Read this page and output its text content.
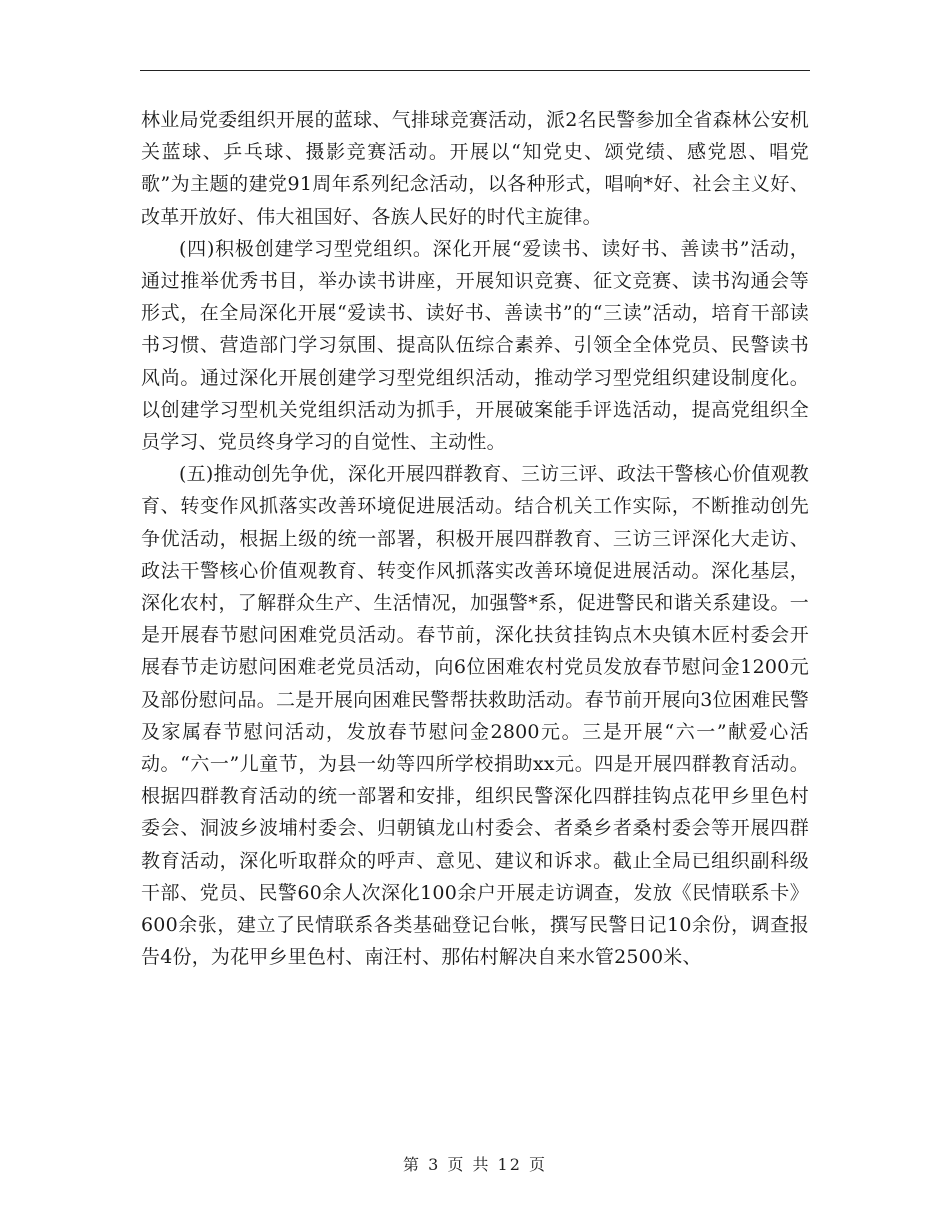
林业局党委组织开展的蓝球、气排球竞赛活动，派2名民警参加全省森林公安机关蓝球、乒乓球、摄影竞赛活动。开展以“知党史、颂党绩、感党恩、唱党歌”为主题的建党91周年系列纪念活动，以各种形式，唱响*好、社会主义好、改革开放好、伟大祖国好、各族人民好的时代主旋律。

(四)积极创建学习型党组织。深化开展“爱读书、读好书、善读书”活动，通过推举优秀书目，举办读书讲座，开展知识竞赛、征文竞赛、读书沟通会等形式，在全局深化开展“爱读书、读好书、善读书”的“三读”活动，培育干部读书习惯、营造部门学习氛围、提高队伍综合素养、引领全全体党员、民警读书风尚。通过深化开展创建学习型党组织活动，推动学习型党组织建设制度化。以创建学习型机关党组织活动为抓手，开展破案能手评选活动，提高党组织全员学习、党员终身学习的自觉性、主动性。

(五)推动创先争优，深化开展四群教育、三访三评、政法干警核心价值观教育、转变作风抓落实改善环境促进展活动。结合机关工作实际，不断推动创先争优活动，根据上级的统一部署，积极开展四群教育、三访三评深化大走访、政法干警核心价值观教育、转变作风抓落实改善环境促进展活动。深化基层，深化农村，了解群众生产、生活情况，加强警*系，促进警民和谐关系建设。一是开展春节慰问困难党员活动。春节前，深化扶贫挂钩点木央镇木匠村委会开展春节走访慰问困难老党员活动，向6位困难农村党员发放春节慰问金1200元及部份慰问品。二是开展向困难民警帮扶救助活动。春节前开展向3位困难民警及家属春节慰问活动，发放春节慰问金2800元。三是开展“六一”献爱心活动。“六一”儿童节，为县一幼等四所学校捐助xx元。四是开展四群教育活动。根据四群教育活动的统一部署和安排，组织民警深化四群挂钩点花甲乡里色村委会、洞波乡波埔村委会、归朝镇龙山村委会、者桑乡者桑村委会等开展四群教育活动，深化听取群众的呼声、意见、建议和诉求。截止全局已组织副科级干部、党员、民警60余人次深化100余户开展走访调查，发放《民情联系卡》600余张，建立了民情联系各类基础登记台帐，撰写民警日记10余份，调查报告4份，为花甲乡里色村、南汪村、那佑村解决自来水管2500米、

第 3 页 共 12 页
